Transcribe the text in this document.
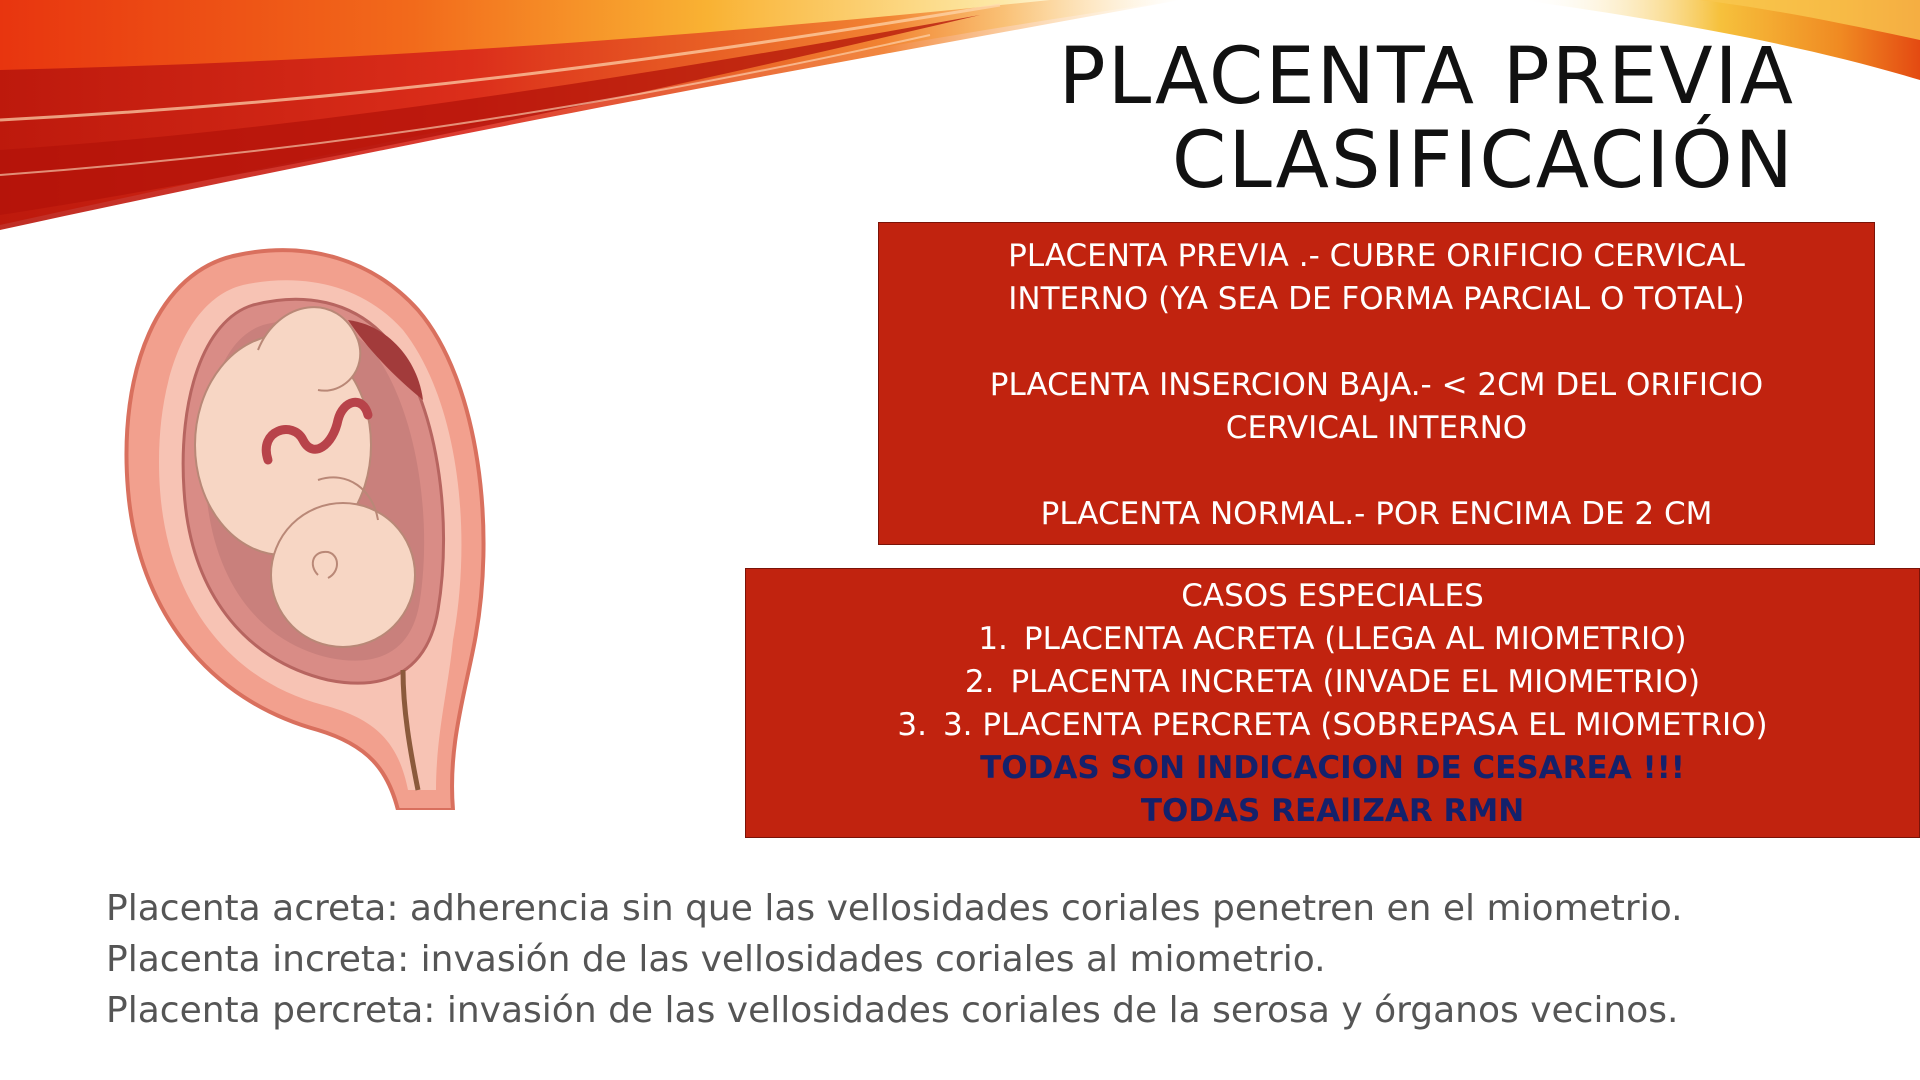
PLACENTA PREVIA
CLASIFICACIÓN
PLACENTA PREVIA .- CUBRE ORIFICIO CERVICAL
INTERNO (YA SEA DE FORMA PARCIAL O TOTAL)
PLACENTA INSERCION BAJA.- < 2CM DEL ORIFICIO
CERVICAL INTERNO
PLACENTA NORMAL.- POR ENCIMA DE 2 CM
CASOS ESPECIALES
1. PLACENTA ACRETA (LLEGA AL MIOMETRIO)
2. PLACENTA INCRETA (INVADE EL MIOMETRIO)
3. 3. PLACENTA PERCRETA (SOBREPASA EL MIOMETRIO)
TODAS SON INDICACION DE CESAREA !!!
TODAS REAlIZAR RMN
Placenta acreta: adherencia sin que las vellosidades coriales penetren en el miometrio.
Placenta increta: invasión de las vellosidades coriales al miometrio.
Placenta percreta: invasión de las vellosidades coriales de la serosa y órganos vecinos.
